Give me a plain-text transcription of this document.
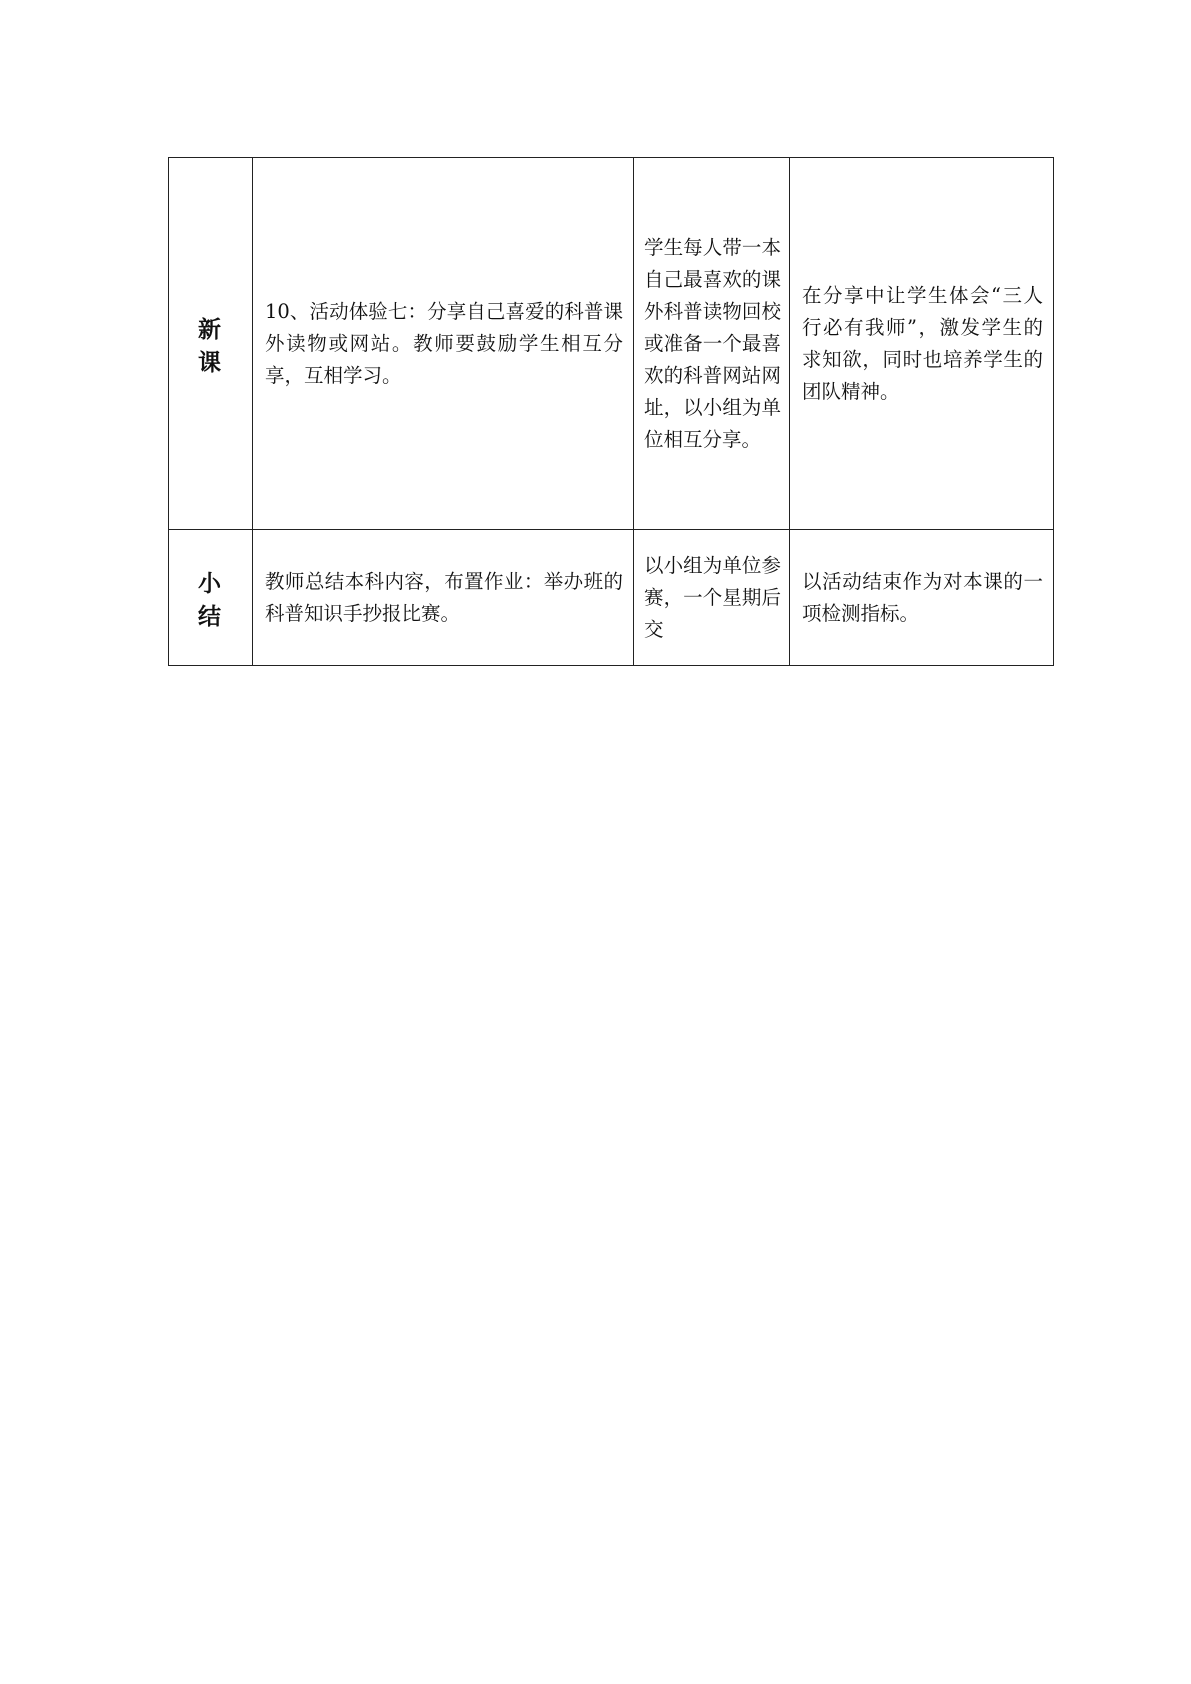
新 课	10、活动体验七：分享自己喜爱的科普课外读物或网站。教师要鼓励学生相互分享，互相学习。	学生每人带一本自己最喜欢的课外科普读物回校或准备一个最喜欢的科普网站网址，以小组为单位相互分享。	在分享中让学生体会“三人行必有我师”，激发学生的求知欲，同时也培养学生的团队精神。

小 结	教师总结本科内容，布置作业：举办班的科普知识手抄报比赛。	以小组为单位参赛，一个星期后交	以活动结束作为对本课的一项检测指标。
